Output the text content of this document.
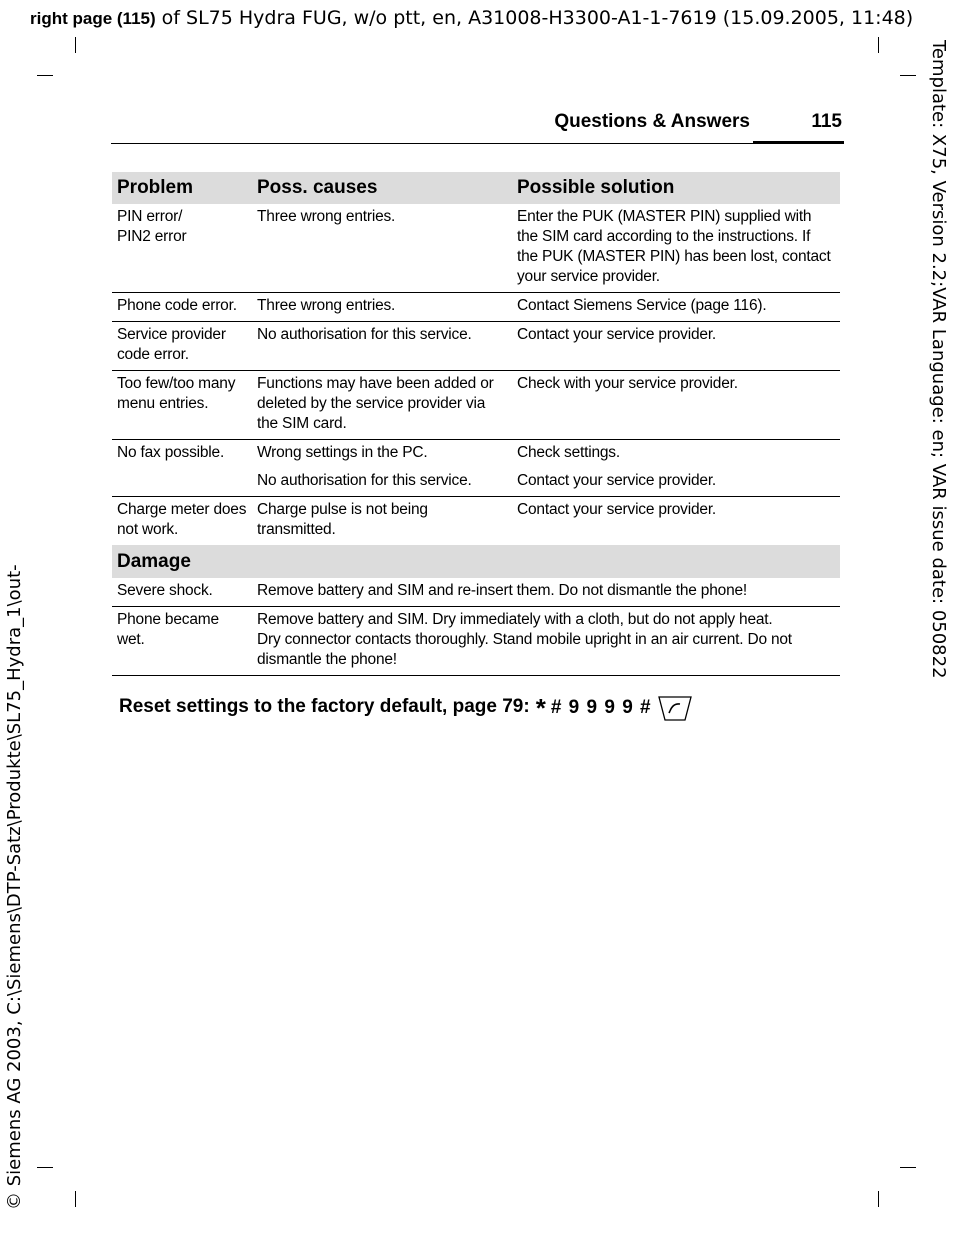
right page (115) of SL75 Hydra FUG, w/o ptt, en, A31008-H3300-A1-1-7619 (15.09.2005, 11:48)
Template: X75, Version 2.2;VAR Language: en; VAR issue date: 050822
© Siemens AG 2003, C:\Siemens\DTP-Satz\Produkte\SL75_Hydra_1\out-
Questions & Answers	115
Problem	Poss. causes	Possible solution
PIN error/
PIN2 error	Three wrong entries.	Enter the PUK (MASTER PIN) supplied with the SIM card according to the instructions. If the PUK (MASTER PIN) has been lost, contact your service provider.
Phone code error.	Three wrong entries.	Contact Siemens Service (page 116).
Service provider code error.	No authorisation for this service.	Contact your service provider.
Too few/too many menu entries.	Functions may have been added or deleted by the service provider via the SIM card.	Check with your service provider.
No fax possible.	Wrong settings in the PC.	Check settings.
	No authorisation for this service.	Contact your service provider.
Charge meter does not work.	Charge pulse is not being transmitted.	Contact your service provider.
Damage		
Severe shock.	Remove battery and SIM and re-insert them. Do not dismantle the phone!	
Phone became wet.	Remove battery and SIM. Dry immediately with a cloth, but do not apply heat.
Dry connector contacts thoroughly. Stand mobile upright in an air current. Do not dismantle the phone!	
Reset settings to the factory default, page 79: * # 9 9 9 9 #
